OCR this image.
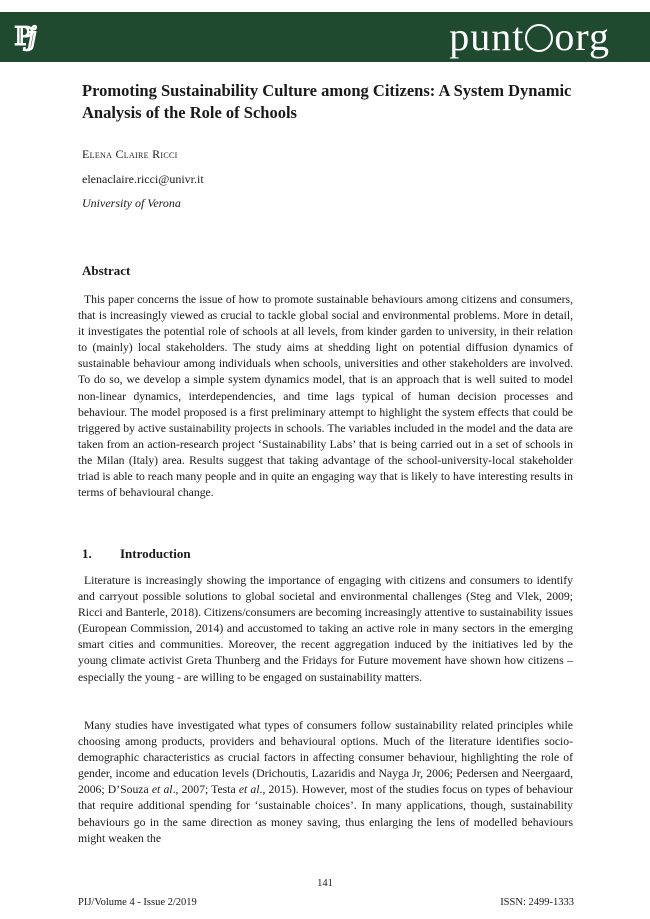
ℙⅉ	punt org
Promoting Sustainability Culture among Citizens: A System Dynamic Analysis of the Role of Schools
Elena Claire Ricci
elenaclaire.ricci@univr.it
University of Verona
Abstract

This paper concerns the issue of how to promote sustainable behaviours among citizens and consumers, that is increasingly viewed as crucial to tackle global social and environmental problems. More in detail, it investigates the potential role of schools at all levels, from kinder garden to university, in their relation to (mainly) local stakeholders. The study aims at shedding light on potential diffusion dynamics of sustainable behaviour among individuals when schools, universities and other stakeholders are involved. To do so, we develop a simple system dynamics model, that is an approach that is well suited to model non-linear dynamics, interdependencies, and time lags typical of human decision processes and behaviour. The model proposed is a first preliminary attempt to highlight the system effects that could be triggered by active sustainability projects in schools. The variables included in the model and the data are taken from an action-research project ‘Sustainability Labs’ that is being carried out in a set of schools in the Milan (Italy) area. Results suggest that taking advantage of the school-university-local stakeholder triad is able to reach many people and in quite an engaging way that is likely to have interesting results in terms of behavioural change.

1. Introduction

Literature is increasingly showing the importance of engaging with citizens and consumers to identify and carryout possible solutions to global societal and environmental challenges (Steg and Vlek, 2009; Ricci and Banterle, 2018). Citizens/consumers are becoming increasingly attentive to sustainability issues (European Commission, 2014) and accustomed to taking an active role in many sectors in the emerging smart cities and communities. Moreover, the recent aggregation induced by the initiatives led by the young climate activist Greta Thunberg and the Fridays for Future movement have shown how citizens – especially the young - are willing to be engaged on sustainability matters.

Many studies have investigated what types of consumers follow sustainability related principles while choosing among products, providers and behavioural options. Much of the literature identifies socio-demographic characteristics as crucial factors in affecting consumer behaviour, highlighting the role of gender, income and education levels (Drichoutis, Lazaridis and Nayga Jr, 2006; Pedersen and Neergaard, 2006; D’Souza et al., 2007; Testa et al., 2015). However, most of the studies focus on types of behaviour that require additional spending for ‘sustainable choices’. In many applications, though, sustainability behaviours go in the same direction as money saving, thus enlarging the lens of modelled behaviours might weaken the

141
PIJ/Volume 4 - Issue 2/2019	ISSN: 2499-1333
